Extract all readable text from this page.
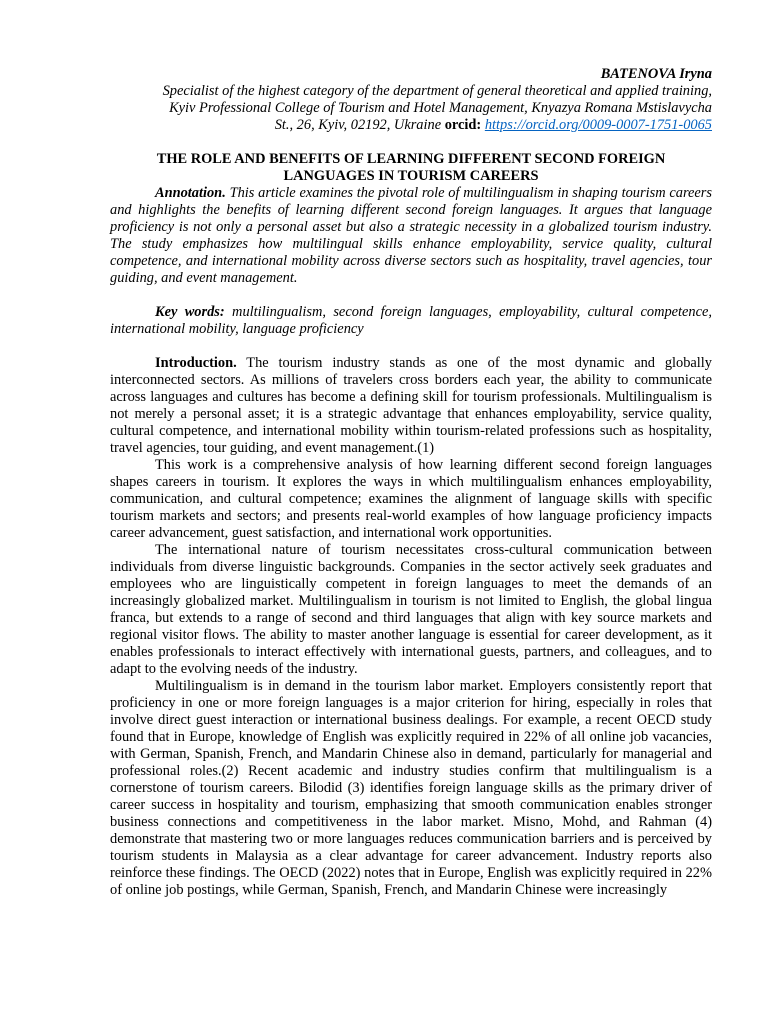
BATENOVA Iryna

Specialist of the highest category of the department of general theoretical and applied training,

Kyiv Professional College of Tourism and Hotel Management, Knyazya Romana Mstislavycha

St., 26, Kyiv, 02192, Ukraine orcid: https://orcid.org/0009-0007-1751-0065

THE ROLE AND BENEFITS OF LEARNING DIFFERENT SECOND FOREIGN LANGUAGES IN TOURISM CAREERS

Annotation. This article examines the pivotal role of multilingualism in shaping tourism careers and highlights the benefits of learning different second foreign languages. It argues that language proficiency is not only a personal asset but also a strategic necessity in a globalized tourism industry. The study emphasizes how multilingual skills enhance employability, service quality, cultural competence, and international mobility across diverse sectors such as hospitality, travel agencies, tour guiding, and event management.

Key words: multilingualism, second foreign languages, employability, cultural competence, international mobility, language proficiency

Introduction. The tourism industry stands as one of the most dynamic and globally interconnected sectors. As millions of travelers cross borders each year, the ability to communicate across languages and cultures has become a defining skill for tourism professionals. Multilingualism is not merely a personal asset; it is a strategic advantage that enhances employability, service quality, cultural competence, and international mobility within tourism-related professions such as hospitality, travel agencies, tour guiding, and event management.(1)

This work is a comprehensive analysis of how learning different second foreign languages shapes careers in tourism. It explores the ways in which multilingualism enhances employability, communication, and cultural competence; examines the alignment of language skills with specific tourism markets and sectors; and presents real-world examples of how language proficiency impacts career advancement, guest satisfaction, and international work opportunities.

The international nature of tourism necessitates cross-cultural communication between individuals from diverse linguistic backgrounds. Companies in the sector actively seek graduates and employees who are linguistically competent in foreign languages to meet the demands of an increasingly globalized market. Multilingualism in tourism is not limited to English, the global lingua franca, but extends to a range of second and third languages that align with key source markets and regional visitor flows. The ability to master another language is essential for career development, as it enables professionals to interact effectively with international guests, partners, and colleagues, and to adapt to the evolving needs of the industry.

Multilingualism is in demand in the tourism labor market. Employers consistently report that proficiency in one or more foreign languages is a major criterion for hiring, especially in roles that involve direct guest interaction or international business dealings. For example, a recent OECD study found that in Europe, knowledge of English was explicitly required in 22% of all online job vacancies, with German, Spanish, French, and Mandarin Chinese also in demand, particularly for managerial and professional roles.(2) Recent academic and industry studies confirm that multilingualism is a cornerstone of tourism careers. Bilodid (3) identifies foreign language skills as the primary driver of career success in hospitality and tourism, emphasizing that smooth communication enables stronger business connections and competitiveness in the labor market. Misno, Mohd, and Rahman (4) demonstrate that mastering two or more languages reduces communication barriers and is perceived by tourism students in Malaysia as a clear advantage for career advancement. Industry reports also reinforce these findings. The OECD (2022) notes that in Europe, English was explicitly required in 22% of online job postings, while German, Spanish, French, and Mandarin Chinese were increasingly
